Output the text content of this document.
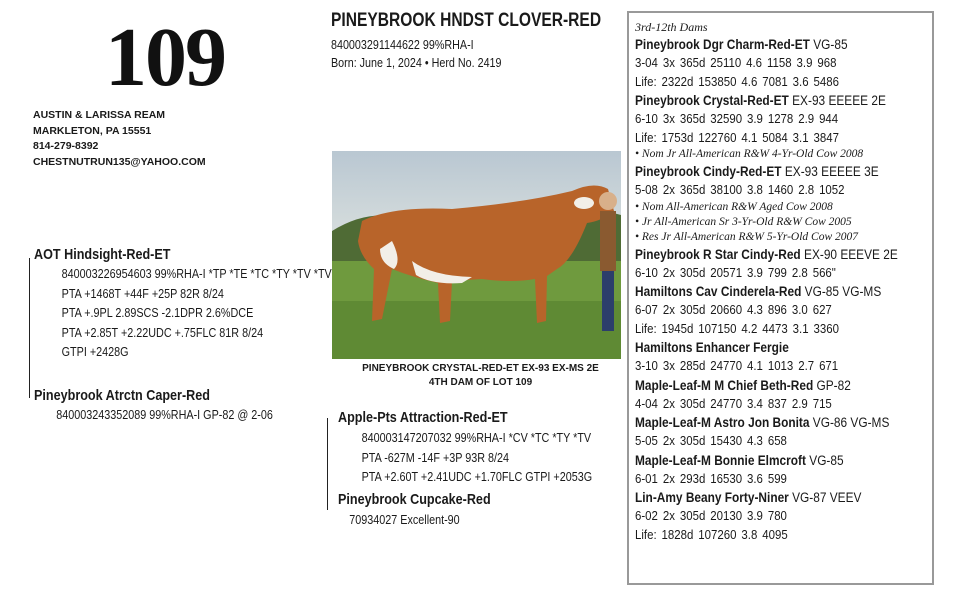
109
AUSTIN & LARISSA REAM
MARKLETON, PA 15551
814-279-8392
CHESTNUTRUN135@YAHOO.COM
PINEYBROOK HNDST CLOVER-RED
840003291144622 99%RHA-I
Born: June 1, 2024 • Herd No. 2419
PINEYBROOK CRYSTAL-RED-ET EX-93 EX-MS 2E
4TH DAM OF LOT 109
AOT Hindsight-Red-ET
840003226954603 99%RHA-I *TP *TE *TC *TY *TV *TV
PTA +1468T +44F +25P 82R 8/24
PTA +.9PL 2.89SCS -2.1DPR 2.6%DCE
PTA +2.85T +2.22UDC +.75FLC 81R 8/24
GTPI +2428G
Pineybrook Atrctn Caper-Red
840003243352089 99%RHA-I GP-82 @ 2-06	Apple-Pts Attraction-Red-ET
840003147207032 99%RHA-I *CV *TC *TY *TV
PTA -627M -14F +3P 93R 8/24
PTA +2.60T +2.41UDC +1.70FLC GTPI +2053G
Pineybrook Cupcake-Red
70934027 Excellent-90
3rd-12th Dams
Pineybrook Dgr Charm-Red-ET VG-85
3-04 3x 365d 25110 4.6 1158 3.9 968
Life: 2322d 153850 4.6 7081 3.6 5486
Pineybrook Crystal-Red-ET EX-93 EEEEE 2E
6-10 3x 365d 32590 3.9 1278 2.9 944
Life: 1753d 122760 4.1 5084 3.1 3847
• Nom Jr All-American R&W 4-Yr-Old Cow 2008
Pineybrook Cindy-Red-ET EX-93 EEEEE 3E
5-08 2x 365d 38100 3.8 1460 2.8 1052
• Nom All-American R&W Aged Cow 2008
• Jr All-American Sr 3-Yr-Old R&W Cow 2005
• Res Jr All-American R&W 5-Yr-Old Cow 2007
Pineybrook R Star Cindy-Red EX-90 EEEVE 2E
6-10 2x 305d 20571 3.9 799 2.8 566"
Hamiltons Cav Cinderela-Red VG-85 VG-MS
6-07 2x 305d 20660 4.3 896 3.0 627
Life: 1945d 107150 4.2 4473 3.1 3360
Hamiltons Enhancer Fergie
3-10 3x 285d 24770 4.1 1013 2.7 671
Maple-Leaf-M M Chief Beth-Red GP-82
4-04 2x 305d 24770 3.4 837 2.9 715
Maple-Leaf-M Astro Jon Bonita VG-86 VG-MS
5-05 2x 305d 15430 4.3 658
Maple-Leaf-M Bonnie Elmcroft VG-85
6-01 2x 293d 16530 3.6 599
Lin-Amy Beany Forty-Niner VG-87 VEEV
6-02 2x 305d 20130 3.9 780
Life: 1828d 107260 3.8 4095
